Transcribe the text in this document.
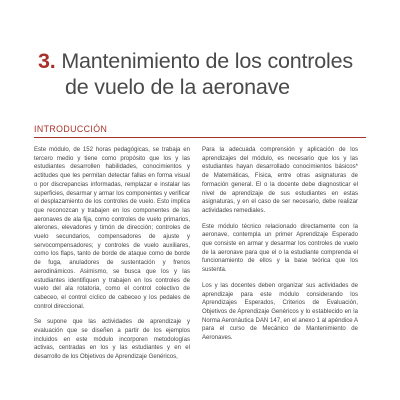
3. Mantenimiento de los controles
de vuelo de la aeronave
INTRODUCCIÓN

Este módulo, de 152 horas pedagógicas, se trabaja en tercero medio y tiene como propósito que los y las estudiantes desarrollen habilidades, conocimientos y actitudes que les permitan detectar fallas en forma visual o por discrepancias informadas, remplazar e instalar las superficies, desarmar y armar los componentes y verificar el desplazamiento de los controles de vuelo. Esto implica que reconozcan y trabajen en los componentes de las aeronaves de ala fija, como controles de vuelo primarios, alerones, elevadores y timón de dirección; controles de vuelo secundarios, compensadores de ajuste y servocompensadores; y controles de vuelo auxiliares, como los flaps, tanto de borde de ataque como de borde de fuga, anuladores de sustentación y frenos aerodinámicos. Asimismo, se busca que los y las estudiantes identifiquen y trabajen en los controles de vuelo del ala rotatoria, como el control colectivo de cabeceo, el control cíclico de cabeceo y los pedales de control direccional.

Se supone que las actividades de aprendizaje y evaluación que se diseñen a partir de los ejemplos incluidos en este módulo incorporen metodologías activas, centradas en los y las estudiantes y en el desarrollo de los Objetivos de Aprendizaje Genéricos,

Para la adecuada comprensión y aplicación de los aprendizajes del módulo, es necesario que los y las estudiantes hayan desarrollado conocimientos básicos* de Matemáticas, Física, entre otras asignaturas de formación general. El o la docente debe diagnosticar el nivel de aprendizaje de sus estudiantes en estas asignaturas, y en el caso de ser necesario, debe realizar actividades remediales.

Este módulo técnico relacionado directamente con la aeronave, contempla un primer Aprendizaje Esperado que consiste en armar y desarmar los controles de vuelo de la aeronave para que el o la estudiante comprenda el funcionamiento de ellos y la base teórica que los sustenta.

Los y las docentes deben organizar sus actividades de aprendizaje para este módulo considerando los Aprendizajes Esperados, Criterios de Evaluación, Objetivos de Aprendizaje Genéricos y lo establecido en la Norma Aeronáutica DAN 147, en el anexo 1 al apéndice A para el curso de Mecánico de Mantenimiento de Aeronaves.
